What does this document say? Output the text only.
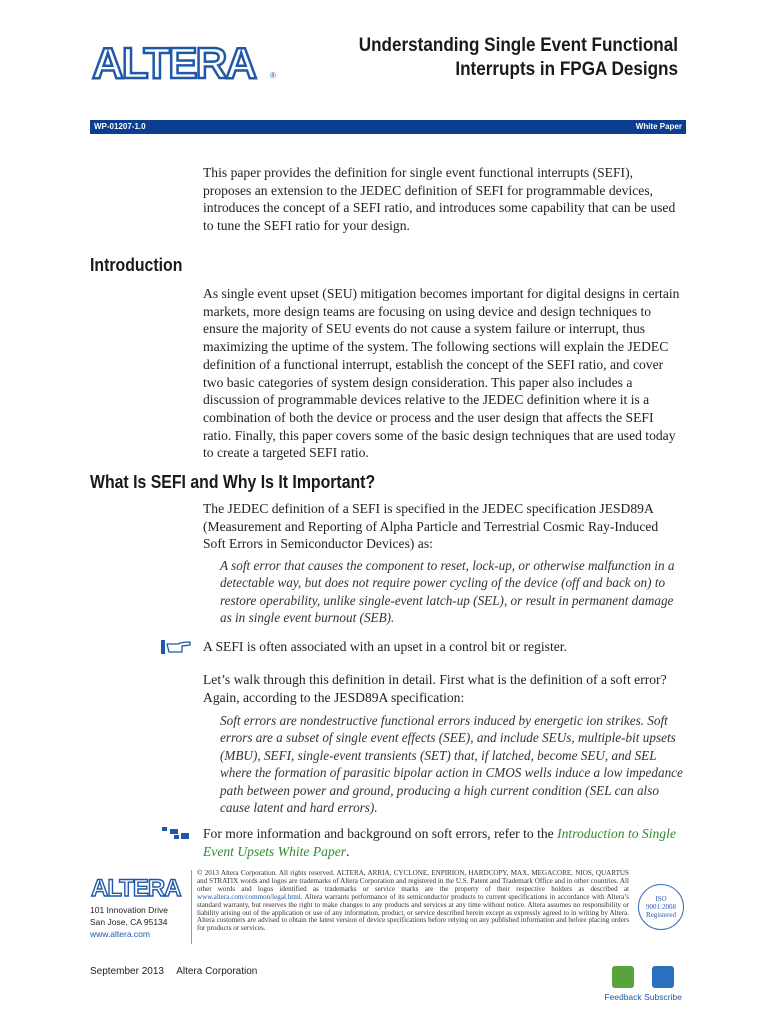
ALTERA ®
Understanding Single Event Functional
Interrupts in FPGA Designs
WP-01207-1.0	White Paper

This paper provides the definition for single event functional interrupts (SEFI), proposes an extension to the JEDEC definition of SEFI for programmable devices, introduces the concept of a SEFI ratio, and introduces some capability that can be used to tune the SEFI ratio for your design.

Introduction

As single event upset (SEU) mitigation becomes important for digital designs in certain markets, more design teams are focusing on using device and design techniques to ensure the majority of SEU events do not cause a system failure or interrupt, thus maximizing the uptime of the system. The following sections will explain the JEDEC definition of a functional interrupt, establish the concept of the SEFI ratio, and cover two basic categories of system design consideration. This paper also includes a discussion of programmable devices relative to the JEDEC definition where it is a combination of both the device or process and the user design that affects the SEFI ratio. Finally, this paper covers some of the basic design techniques that are used today to create a targeted SEFI ratio.

What Is SEFI and Why Is It Important?

The JEDEC definition of a SEFI is specified in the JEDEC specification JESD89A (Measurement and Reporting of Alpha Particle and Terrestrial Cosmic Ray-Induced Soft Errors in Semiconductor Devices) as:

A soft error that causes the component to reset, lock-up, or otherwise malfunction in a detectable way, but does not require power cycling of the device (off and back on) to restore operability, unlike single-event latch-up (SEL), or result in permanent damage as in single event burnout (SEB).

A SEFI is often associated with an upset in a control bit or register.

Let’s walk through this definition in detail. First what is the definition of a soft error? Again, according to the JESD89A specification:

Soft errors are nondestructive functional errors induced by energetic ion strikes. Soft errors are a subset of single event effects (SEE), and include SEUs, multiple-bit upsets (MBU), SEFI, single-event transients (SET) that, if latched, become SEU, and SEL where the formation of parasitic bipolar action in CMOS wells induce a low impedance path between power and ground, producing a high current condition (SEL can also cause latent and hard errors).

For more information and background on soft errors, refer to the Introduction to Single Event Upsets White Paper.
ALTERA
101 Innovation Drive
San Jose, CA 95134
www.altera.com
© 2013 Altera Corporation. All rights reserved. ALTERA, ARRIA, CYCLONE, ENPIRION, HARDCOPY, MAX, MEGACORE, NIOS, QUARTUS and STRATIX words and logos are trademarks of Altera Corporation and registered in the U.S. Patent and Trademark Office and in other countries. All other words and logos identified as trademarks or service marks are the property of their respective holders as described at www.altera.com/common/legal.html. Altera warrants performance of its semiconductor products to current specifications in accordance with Altera’s standard warranty, but reserves the right to make changes to any products and services at any time without notice. Altera assumes no responsibility or liability arising out of the application or use of any information, product, or service described herein except as expressly agreed to in writing by Altera. Altera customers are advised to obtain the latest version of device specifications before relying on any published information and before placing orders for products or services.
ISO
9001:2008
Registered
September 2013 Altera Corporation
Feedback Subscribe
